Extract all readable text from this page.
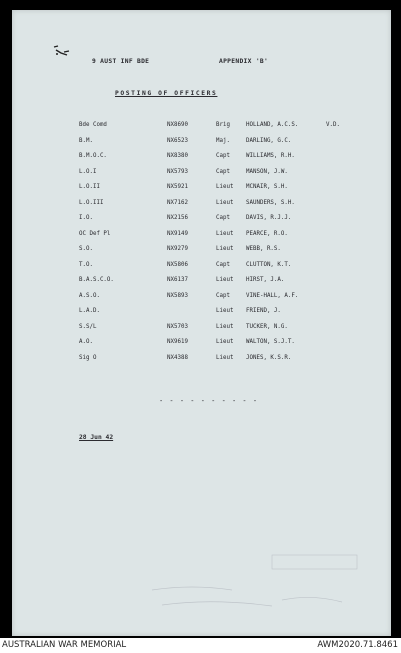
9 AUST INF BDE	APPENDIX 'B'
POSTING OF OFFICERS
Bde Comd	NX8690	Brig	HOLLAND, A.C.S.	V.D.
B.M.	NX6523	Maj.	DARLING, G.C.
B.M.O.C.	NX8380	Capt	WILLIAMS, R.H.
L.O.I	NX5793	Capt	MANSON, J.W.
L.O.II	NX5921	Lieut MCNAIR, S.H.
L.O.III	NX7162	Lieut SAUNDERS, S.H.
I.O.	NX2156	Capt	DAVIS, R.J.J.
OC Def Pl	NX9149	Lieut PEARCE, R.O.
S.O.	NX9279	Lieut WEBB, R.S.
T.O.	NX5806	Capt	CLUTTON, K.T.
B.A.S.C.O.	NX6137	Lieut HIRST, J.A.
A.S.O.	NX5893	Capt	VINE-HALL, A.F.
L.A.D.	Lieut FRIEND, J.
S.S/L	NX5703	Lieut TUCKER, N.G.
A.O.	NX9619	Lieut WALTON, S.J.T.
Sig O	NX4388	Lieut JONES, K.S.R.
- - - - - - - - - -
28 Jun 42
AUSTRALIAN WAR MEMORIAL	AWM2020.71.8461
